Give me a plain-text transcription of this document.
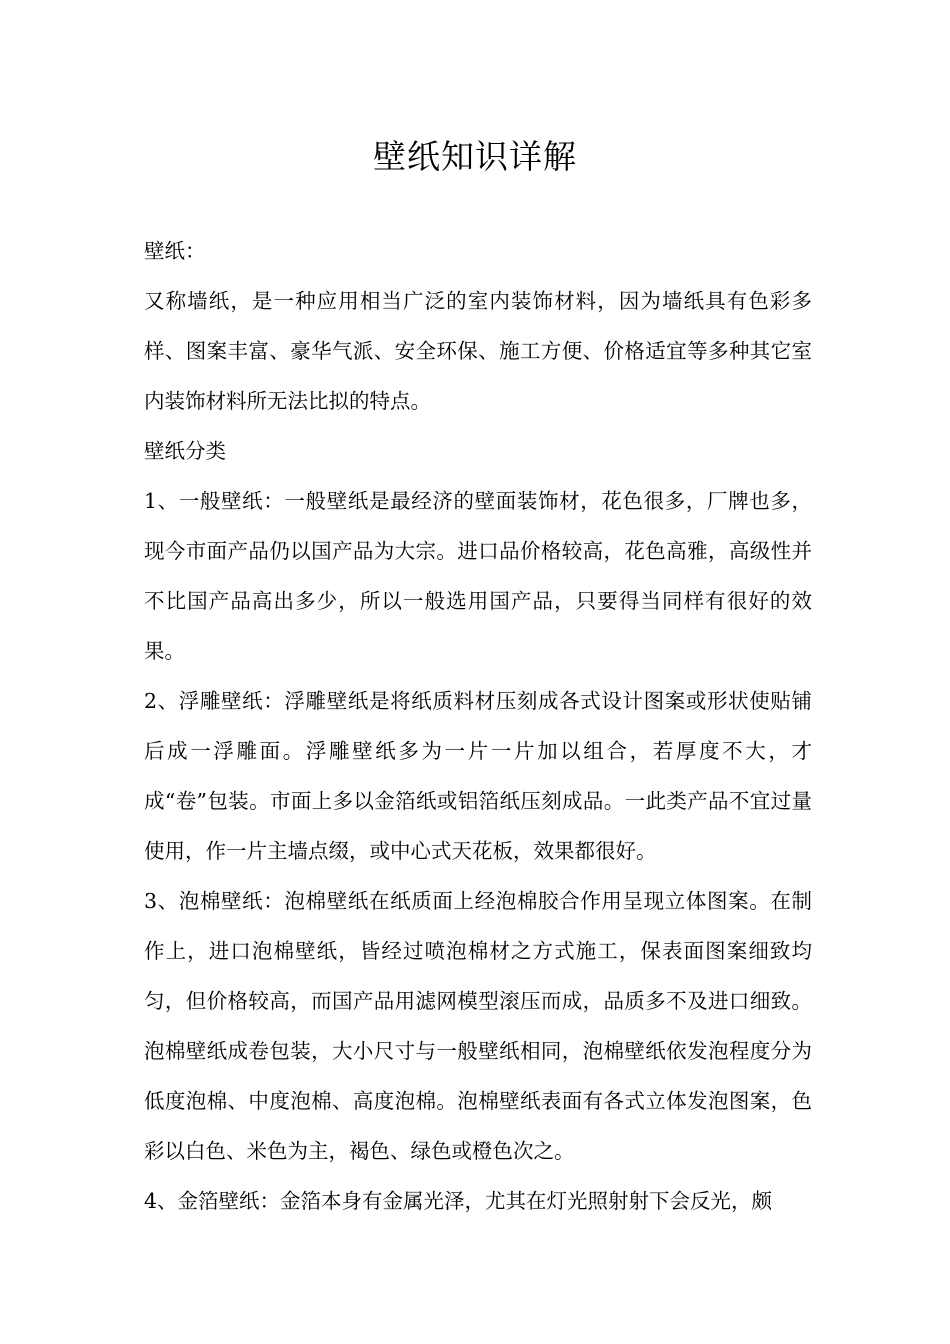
壁纸知识详解

壁纸：

又称墙纸，是一种应用相当广泛的室内装饰材料，因为墙纸具有色彩多样、图案丰富、豪华气派、安全环保、施工方便、价格适宜等多种其它室内装饰材料所无法比拟的特点。

壁纸分类

1、一般壁纸：一般壁纸是最经济的壁面装饰材，花色很多，厂牌也多，现今市面产品仍以国产品为大宗。进口品价格较高，花色高雅，高级性并不比国产品高出多少，所以一般选用国产品，只要得当同样有很好的效果。

2、浮雕壁纸：浮雕壁纸是将纸质料材压刻成各式设计图案或形状使贴铺后成一浮雕面。浮雕壁纸多为一片一片加以组合，若厚度不大，才成“卷”包装。市面上多以金箔纸或铝箔纸压刻成品。一此类产品不宜过量使用，作一片主墙点缀，或中心式天花板，效果都很好。

3、泡棉壁纸：泡棉壁纸在纸质面上经泡棉胶合作用呈现立体图案。在制作上，进口泡棉壁纸，皆经过喷泡棉材之方式施工，保表面图案细致均匀，但价格较高，而国产品用滤网模型滚压而成，品质多不及进口细致。泡棉壁纸成卷包装，大小尺寸与一般壁纸相同，泡棉壁纸依发泡程度分为低度泡棉、中度泡棉、高度泡棉。泡棉壁纸表面有各式立体发泡图案，色彩以白色、米色为主，褐色、绿色或橙色次之。

4、金箔壁纸：金箔本身有金属光泽，尤其在灯光照射射下会反光，颇
